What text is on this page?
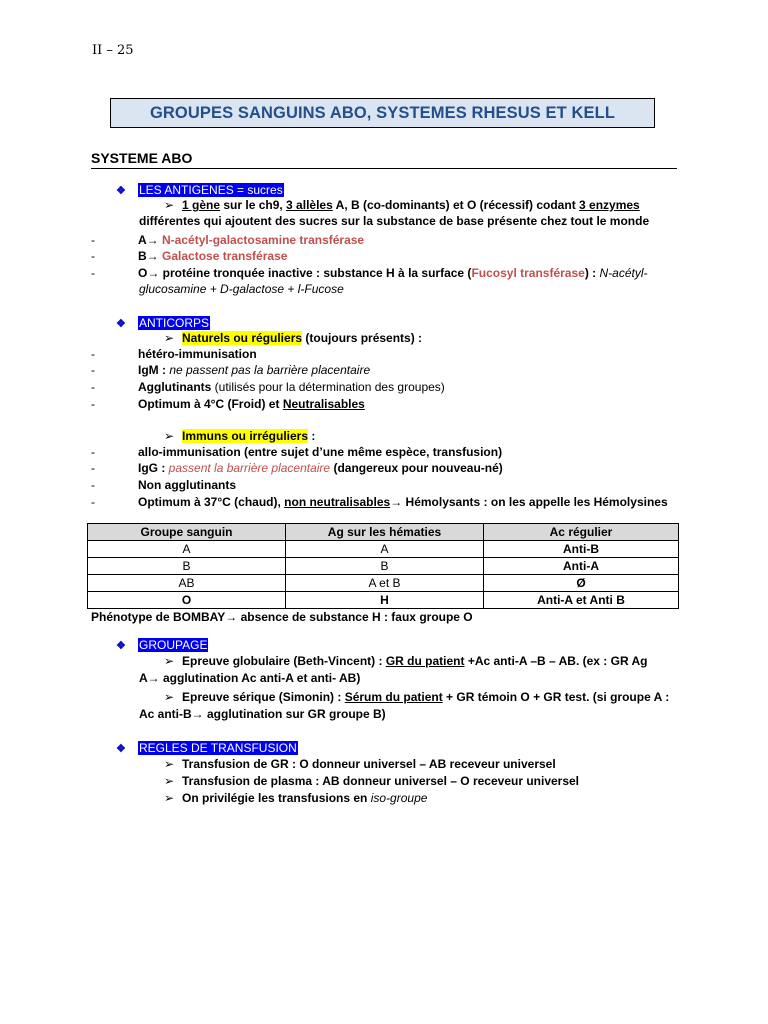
II – 25
GROUPES SANGUINS ABO, SYSTEMES RHESUS ET KELL
SYSTEME ABO
❖ LES ANTIGENES = sucres
➢ 1 gène sur le ch9, 3 allèles A, B (co-dominants) et O (récessif) codant 3 enzymes
différentes qui ajoutent des sucres sur la substance de base présente chez tout le monde
-	A→ N-acétyl-galactosamine transférase
-	B→ Galactose transférase
-	O→ protéine tronquée inactive : substance H à la surface (Fucosyl transférase) : N-acétyl-
glucosamine + D-galactose + l-Fucose
❖ ANTICORPS
➢ Naturels ou réguliers (toujours présents) :
-	hétéro-immunisation
-	IgM : ne passent pas la barrière placentaire
-	Agglutinants (utilisés pour la détermination des groupes)
-	Optimum à 4°C (Froid) et Neutralisables
➢ Immuns ou irréguliers :
-	allo-immunisation (entre sujet d’une même espèce, transfusion)
-	IgG : passent la barrière placentaire (dangereux pour nouveau-né)
-	Non agglutinants
-	Optimum à 37°C (chaud), non neutralisables→ Hémolysants : on les appelle les Hémolysines
Groupe sanguin	Ag sur les hématies	Ac régulier
A	A	Anti-B
B	B	Anti-A
AB	A et B	Ø
O	H	Anti-A et Anti B
Phénotype de BOMBAY→ absence de substance H : faux groupe O
❖ GROUPAGE
➢ Epreuve globulaire (Beth-Vincent) : GR du patient +Ac anti-A –B – AB. (ex : GR Ag
A→ agglutination Ac anti-A et anti- AB)
➢ Epreuve sérique (Simonin) : Sérum du patient + GR témoin O + GR test. (si groupe A :
Ac anti-B→ agglutination sur GR groupe B)
❖ REGLES DE TRANSFUSION
➢ Transfusion de GR : O donneur universel – AB receveur universel
➢ Transfusion de plasma : AB donneur universel – O receveur universel
➢ On privilégie les transfusions en iso-groupe
